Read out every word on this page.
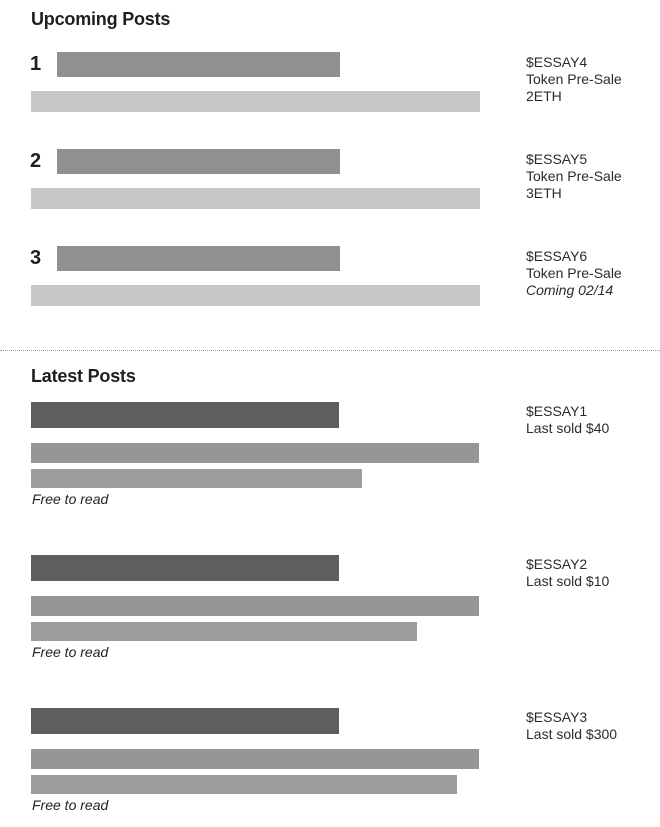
Upcoming Posts
1	$ESSAY4
Token Pre-Sale
2ETH
2	$ESSAY5
Token Pre-Sale
3ETH
3	$ESSAY6
Token Pre-Sale
Coming 02/14
Latest Posts
Free to read
$ESSAY1
Last sold $40
Free to read
$ESSAY2
Last sold $10
Free to read
$ESSAY3
Last sold $300
